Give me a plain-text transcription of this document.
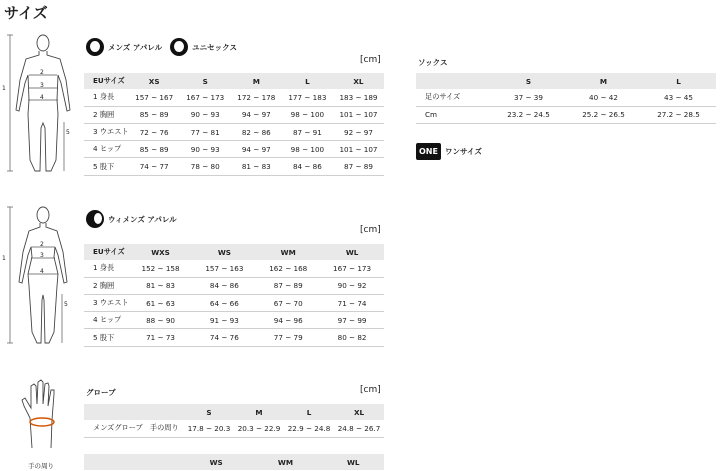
サイズ
1
2
3
4
5
メンズ アパレル	ユニセックス
[cm]
EUサイズ	XS	S	M	L	XL
1 身長	157 ~ 167	167 ~ 173	172 ~ 178	177 ~ 183	183 ~ 189
2 胸囲	85 ~ 89	90 ~ 93	94 ~ 97	98 ~ 100	101 ~ 107
3 ウエスト	72 ~ 76	77 ~ 81	82 ~ 86	87 ~ 91	92 ~ 97
4 ヒップ	85 ~ 89	90 ~ 93	94 ~ 97	98 ~ 100	101 ~ 107
5 股下	74 ~ 77	78 ~ 80	81 ~ 83	84 ~ 86	87 ~ 89
ソックス
	S	M	L
足のサイズ	37 ~ 39	40 ~ 42	43 ~ 45
Cm	23.2 ~ 24.5	25.2 ~ 26.5	27.2 ~ 28.5
ONE ワンサイズ
1
2
3
4
5
ウィメンズ アパレル
[cm]
EUサイズ	WXS	WS	WM	WL
1 身長	152 ~ 158	157 ~ 163	162 ~ 168	167 ~ 173
2 胸囲	81 ~ 83	84 ~ 86	87 ~ 89	90 ~ 92
3 ウエスト	61 ~ 63	64 ~ 66	67 ~ 70	71 ~ 74
4 ヒップ	88 ~ 90	91 ~ 93	94 ~ 96	97 ~ 99
5 股下	71 ~ 73	74 ~ 76	77 ~ 79	80 ~ 82
手の周り
グローブ	[cm]
	S	M	L	XL
メンズグローブ　手の周り	17.8 ~ 20.3	20.3 ~ 22.9	22.9 ~ 24.8	24.8 ~ 26.7
	WS	WM	WL
